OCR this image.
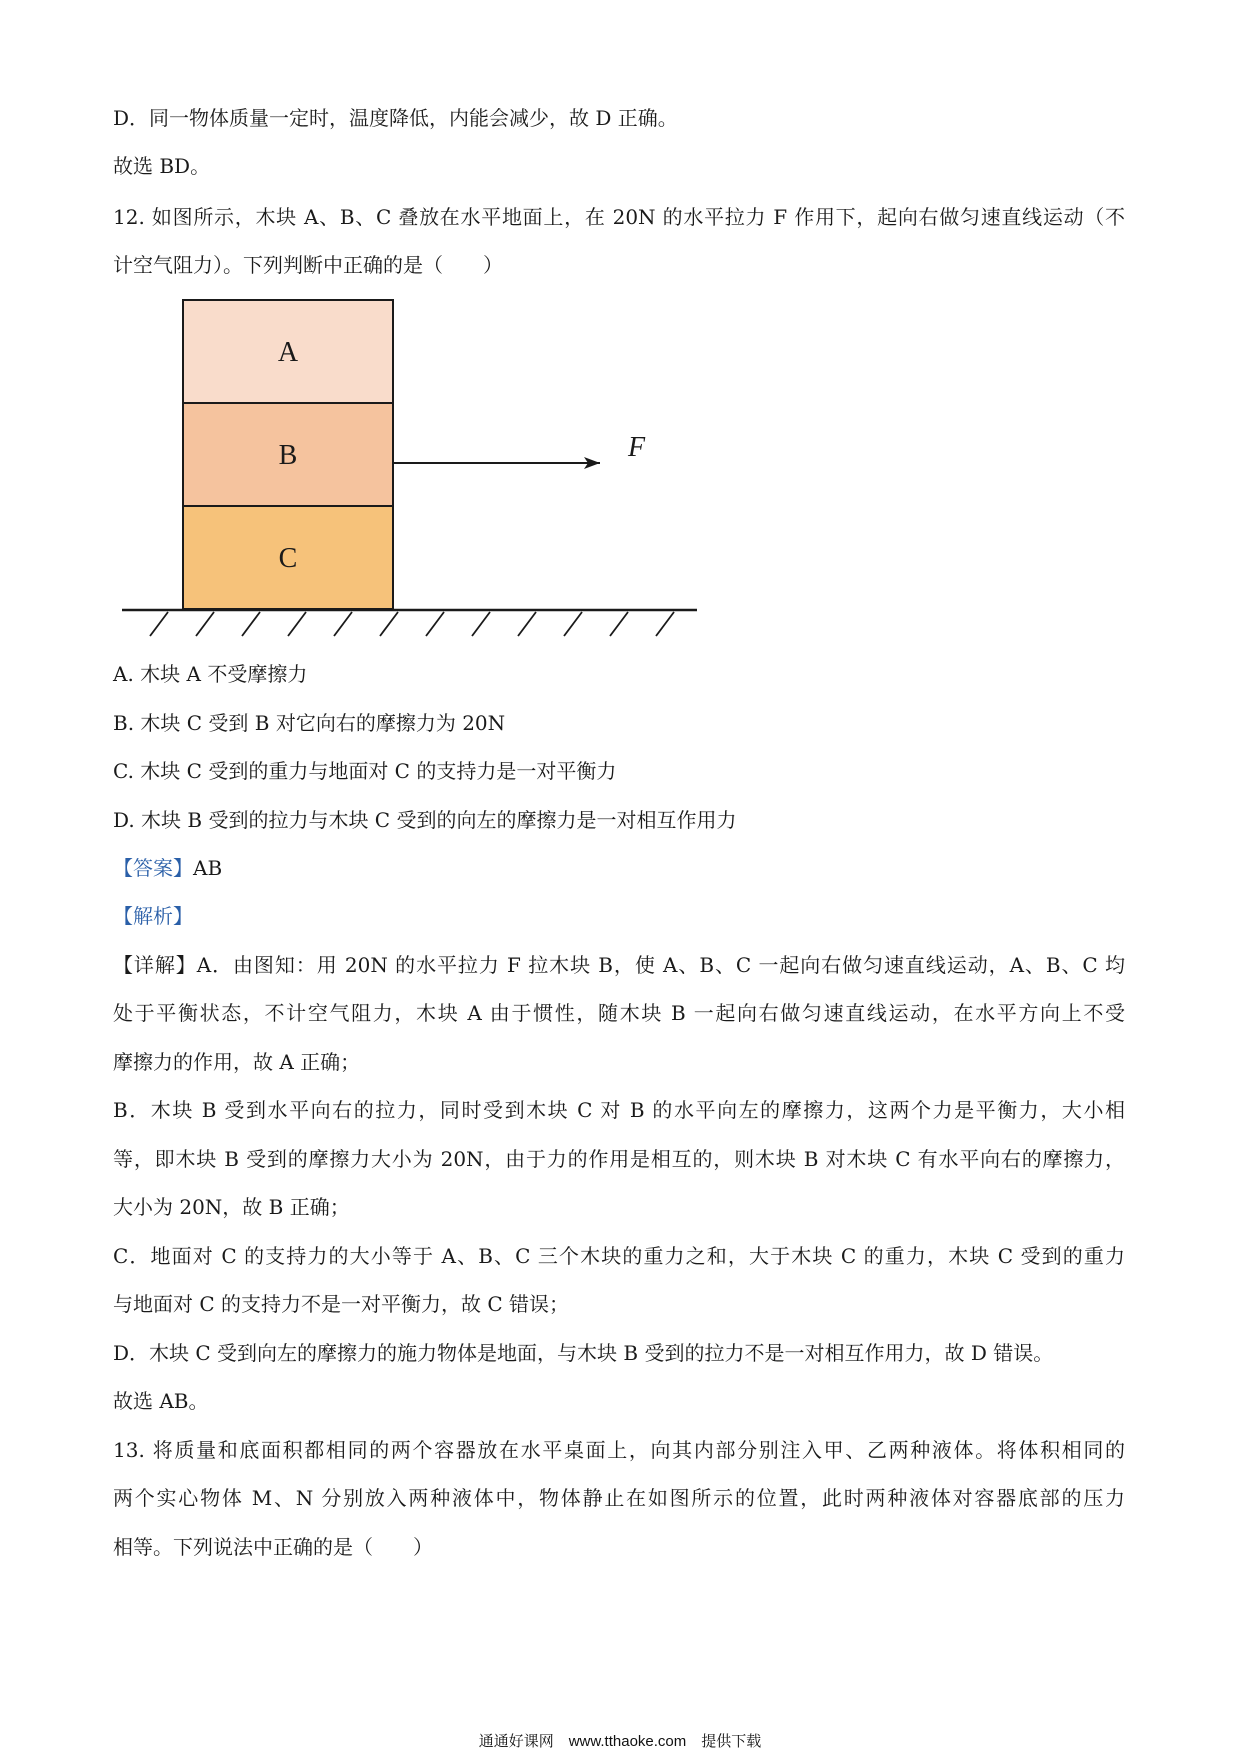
D．同一物体质量一定时，温度降低，内能会减少，故 D 正确。
故选 BD。
12. 如图所示，木块 A、B、C 叠放在水平地面上，在 20N 的水平拉力 F 作用下，起向右做匀速直线运动（不
计空气阻力）。下列判断中正确的是（　　）
A
B
C
F
A. 木块 A 不受摩擦力
B. 木块 C 受到 B 对它向右的摩擦力为 20N
C. 木块 C 受到的重力与地面对 C 的支持力是一对平衡力
D. 木块 B 受到的拉力与木块 C 受到的向左的摩擦力是一对相互作用力
【答案】AB
【解析】
【详解】A．由图知：用 20N 的水平拉力 F 拉木块 B，使 A、B、C 一起向右做匀速直线运动，A、B、C 均
处于平衡状态，不计空气阻力，木块 A 由于惯性，随木块 B 一起向右做匀速直线运动，在水平方向上不受
摩擦力的作用，故 A 正确；
B．木块 B 受到水平向右的拉力，同时受到木块 C 对 B 的水平向左的摩擦力，这两个力是平衡力，大小相
等，即木块 B 受到的摩擦力大小为 20N，由于力的作用是相互的，则木块 B 对木块 C 有水平向右的摩擦力，
大小为 20N，故 B 正确；
C．地面对 C 的支持力的大小等于 A、B、C 三个木块的重力之和，大于木块 C 的重力，木块 C 受到的重力
与地面对 C 的支持力不是一对平衡力，故 C 错误；
D．木块 C 受到向左的摩擦力的施力物体是地面，与木块 B 受到的拉力不是一对相互作用力，故 D 错误。
故选 AB。
13. 将质量和底面积都相同的两个容器放在水平桌面上，向其内部分别注入甲、乙两种液体。将体积相同的
两个实心物体 M、N 分别放入两种液体中，物体静止在如图所示的位置，此时两种液体对容器底部的压力
相等。下列说法中正确的是（　　）
通通好课网　www.tthaoke.com　提供下载
